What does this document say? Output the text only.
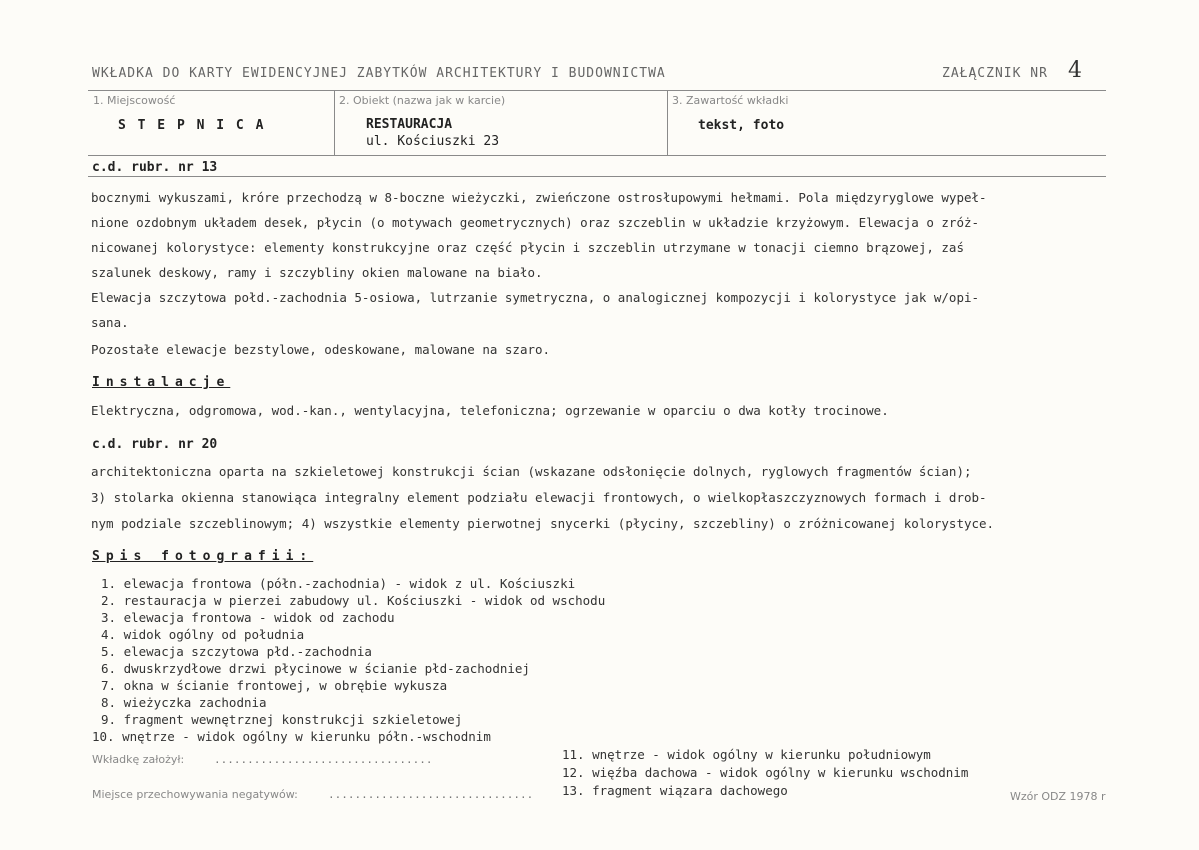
WKŁADKA DO KARTY EWIDENCYJNEJ ZABYTKÓW ARCHITEKTURY I BUDOWNICTWA	ZAŁĄCZNIK NR 4
1. Miejscowość
S T E P N I C A
2. Obiekt (nazwa jak w karcie)
RESTAURACJA
ul. Kościuszki 23
3. Zawartość wkładki
tekst, foto
c.d. rubr. nr 13
bocznymi wykuszami, króre przechodzą w 8-boczne wieżyczki, zwieńczone ostrosłupowymi hełmami. Pola międzyryglowe wypeł-
nione ozdobnym układem desek, płycin (o motywach geometrycznych) oraz szczeblin w układzie krzyżowym. Elewacja o zróż-
nicowanej kolorystyce: elementy konstrukcyjne oraz część płycin i szczeblin utrzymane w tonacji ciemno brązowej, zaś
szalunek deskowy, ramy i szczybliny okien malowane na biało.
Elewacja szczytowa połd.-zachodnia 5-osiowa, lutrzanie symetryczna, o analogicznej kompozycji i kolorystyce jak w/opi-
sana.
Pozostałe elewacje bezstylowe, odeskowane, malowane na szaro.
Instalacje
Elektryczna, odgromowa, wod.-kan., wentylacyjna, telefoniczna; ogrzewanie w oparciu o dwa kotły trocinowe.
c.d. rubr. nr 20
architektoniczna oparta na szkieletowej konstrukcji ścian (wskazane odsłonięcie dolnych, ryglowych fragmentów ścian);
3) stolarka okienna stanowiąca integralny element podziału elewacji frontowych, o wielkopłaszczyznowych formach i drob-
nym podziale szczeblinowym; 4) wszystkie elementy pierwotnej snycerki (płyciny, szczebliny) o zróżnicowanej kolorystyce.
Spis fotografii:
1. elewacja frontowa (półn.-zachodnia) - widok z ul. Kościuszki
2. restauracja w pierzei zabudowy ul. Kościuszki - widok od wschodu
3. elewacja frontowa - widok od zachodu
4. widok ogólny od południa
5. elewacja szczytowa płd.-zachodnia
6. dwuskrzydłowe drzwi płycinowe w ścianie płd-zachodniej
7. okna w ścianie frontowej, w obrębie wykusza
8. wieżyczka zachodnia
9. fragment wewnętrznej konstrukcji szkieletowej
10. wnętrze - widok ogólny w kierunku półn.-wschodnim
11. wnętrze - widok ogólny w kierunku południowym
12. więźba dachowa - widok ogólny w kierunku wschodnim
13. fragment wiązara dachowego
Wkładkę założył:	.................................
Miejsce przechowywania negatywów:	...............................	Wzór ODZ 1978 r
